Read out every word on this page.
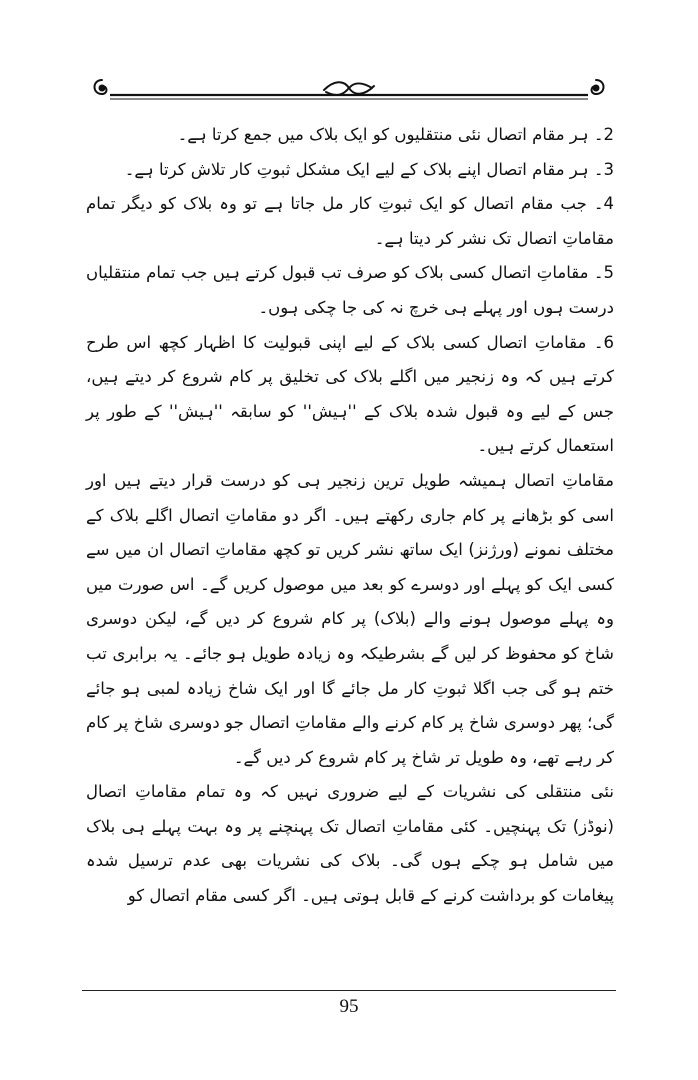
2۔ ہر مقام اتصال نئی منتقلیوں کو ایک بلاک میں جمع کرتا ہے۔

3۔ ہر مقام اتصال اپنے بلاک کے لیے ایک مشکل ثبوتِ کار تلاش کرتا ہے۔

4۔ جب مقام اتصال کو ایک ثبوتِ کار مل جاتا ہے تو وہ بلاک کو دیگر تمام مقاماتِ اتصال تک نشر کر دیتا ہے۔

5۔ مقاماتِ اتصال کسی بلاک کو صرف تب قبول کرتے ہیں جب تمام منتقلیاں درست ہوں اور پہلے ہی خرچ نہ کی جا چکی ہوں۔

6۔ مقاماتِ اتصال کسی بلاک کے لیے اپنی قبولیت کا اظہار کچھ اس طرح کرتے ہیں کہ وہ زنجیر میں اگلے بلاک کی تخلیق پر کام شروع کر دیتے ہیں، جس کے لیے وہ قبول شدہ بلاک کے ''ہیش'' کو سابقہ ''ہیش'' کے طور پر استعمال کرتے ہیں۔

مقاماتِ اتصال ہمیشہ طویل ترین زنجیر ہی کو درست قرار دیتے ہیں اور اسی کو بڑھانے پر کام جاری رکھتے ہیں۔ اگر دو مقاماتِ اتصال اگلے بلاک کے مختلف نمونے (ورژنز) ایک ساتھ نشر کریں تو کچھ مقاماتِ اتصال ان میں سے کسی ایک کو پہلے اور دوسرے کو بعد میں موصول کریں گے۔ اس صورت میں وہ پہلے موصول ہونے والے (بلاک) پر کام شروع کر دیں گے، لیکن دوسری شاخ کو محفوظ کر لیں گے بشرطیکہ وہ زیادہ طویل ہو جائے۔ یہ برابری تب ختم ہو گی جب اگلا ثبوتِ کار مل جائے گا اور ایک شاخ زیادہ لمبی ہو جائے گی؛ پھر دوسری شاخ پر کام کرنے والے مقاماتِ اتصال جو دوسری شاخ پر کام کر رہے تھے، وہ طویل تر شاخ پر کام شروع کر دیں گے۔

نئی منتقلی کی نشریات کے لیے ضروری نہیں کہ وہ تمام مقاماتِ اتصال (نوڈز) تک پہنچیں۔ کئی مقاماتِ اتصال تک پہنچنے پر وہ بہت پہلے ہی بلاک میں شامل ہو چکے ہوں گی۔ بلاک کی نشریات بھی عدم ترسیل شدہ پیغامات کو برداشت کرنے کے قابل ہوتی ہیں۔ اگر کسی مقام اتصال کو

95
